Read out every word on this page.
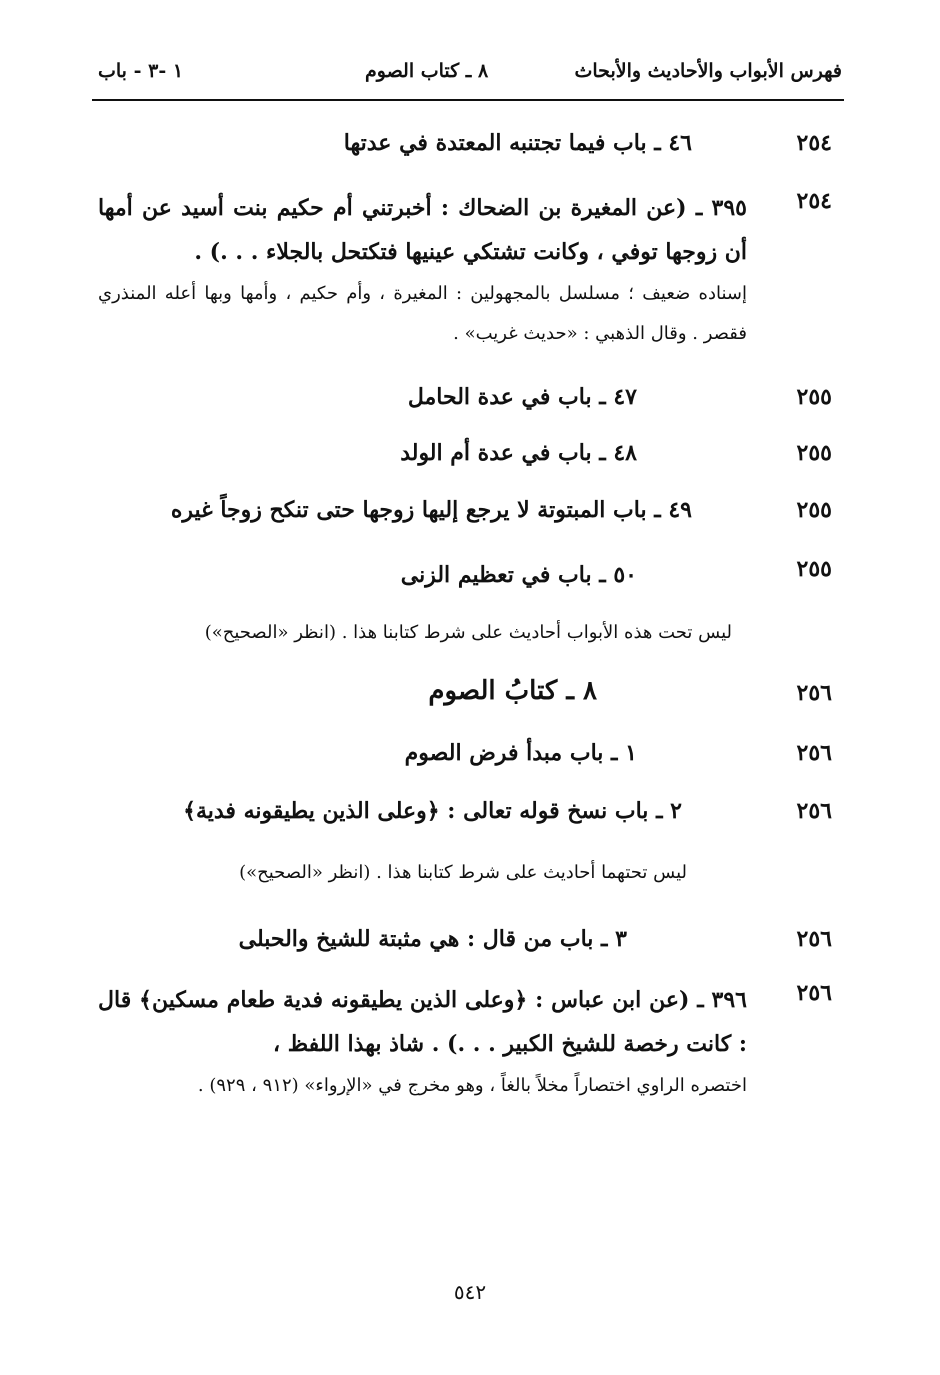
فهرس الأبواب والأحاديث والأبحاث
٨ ـ كتاب الصوم
١ -٣ - باب
٢٥٤
٤٦ ـ باب فيما تجتنبه المعتدة في عدتها
٢٥٤

٣٩٥ ـ (عن المغيرة بن الضحاك : أخبرتني أم حكيم بنت أسيد عن أمها أن زوجها توفي ، وكانت تشتكي عينيها فتكتحل بالجلاء . . .) .

إسناده ضعيف ؛ مسلسل بالمجهولين : المغيرة ، وأم حكيم ، وأمها وبها أعله المنذري فقصر . وقال الذهبي : «حديث غريب» .

٢٥٥
٤٧ ـ باب في عدة الحامل
٢٥٥
٤٨ ـ باب في عدة أم الولد
٢٥٥
٤٩ ـ باب المبتوتة لا يرجع إليها زوجها حتى تنكح زوجاً غيره
٢٥٥
٥٠ ـ باب في تعظيم الزنى
ليس تحت هذه الأبواب أحاديث على شرط كتابنا هذا . (انظر «الصحيح»)
٢٥٦
٨ ـ كتابُ الصوم
٢٥٦
١ ـ باب مبدأ فرض الصوم
٢٥٦
٢ ـ باب نسخ قوله تعالى : ﴿وعلى الذين يطيقونه فدية﴾
ليس تحتهما أحاديث على شرط كتابنا هذا . (انظر «الصحيح»)
٢٥٦
٣ ـ باب من قال : هي مثبتة للشيخ والحبلى
٢٥٦

٣٩٦ ـ (عن ابن عباس : ﴿وعلى الذين يطيقونه فدية طعام مسكين﴾ قال : كانت رخصة للشيخ الكبير . . .) . شاذ بهذا اللفظ ،

اختصره الراوي اختصاراً مخلاً بالغاً ، وهو مخرج في «الإرواء» (٩١٢ ، ٩٢٩) .

٥٤٢
